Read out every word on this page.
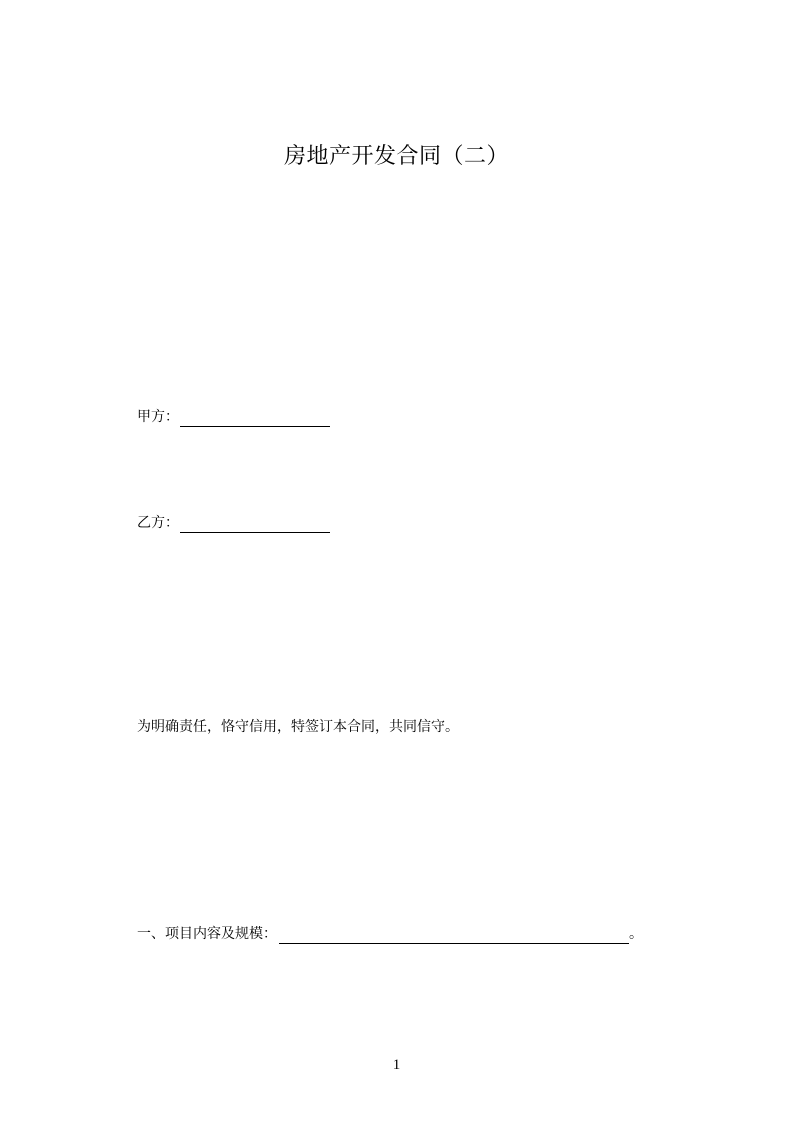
房地产开发合同（二）
甲方：
乙方：
为明确责任，恪守信用，特签订本合同，共同信守。
一、项目内容及规模：	。
1
